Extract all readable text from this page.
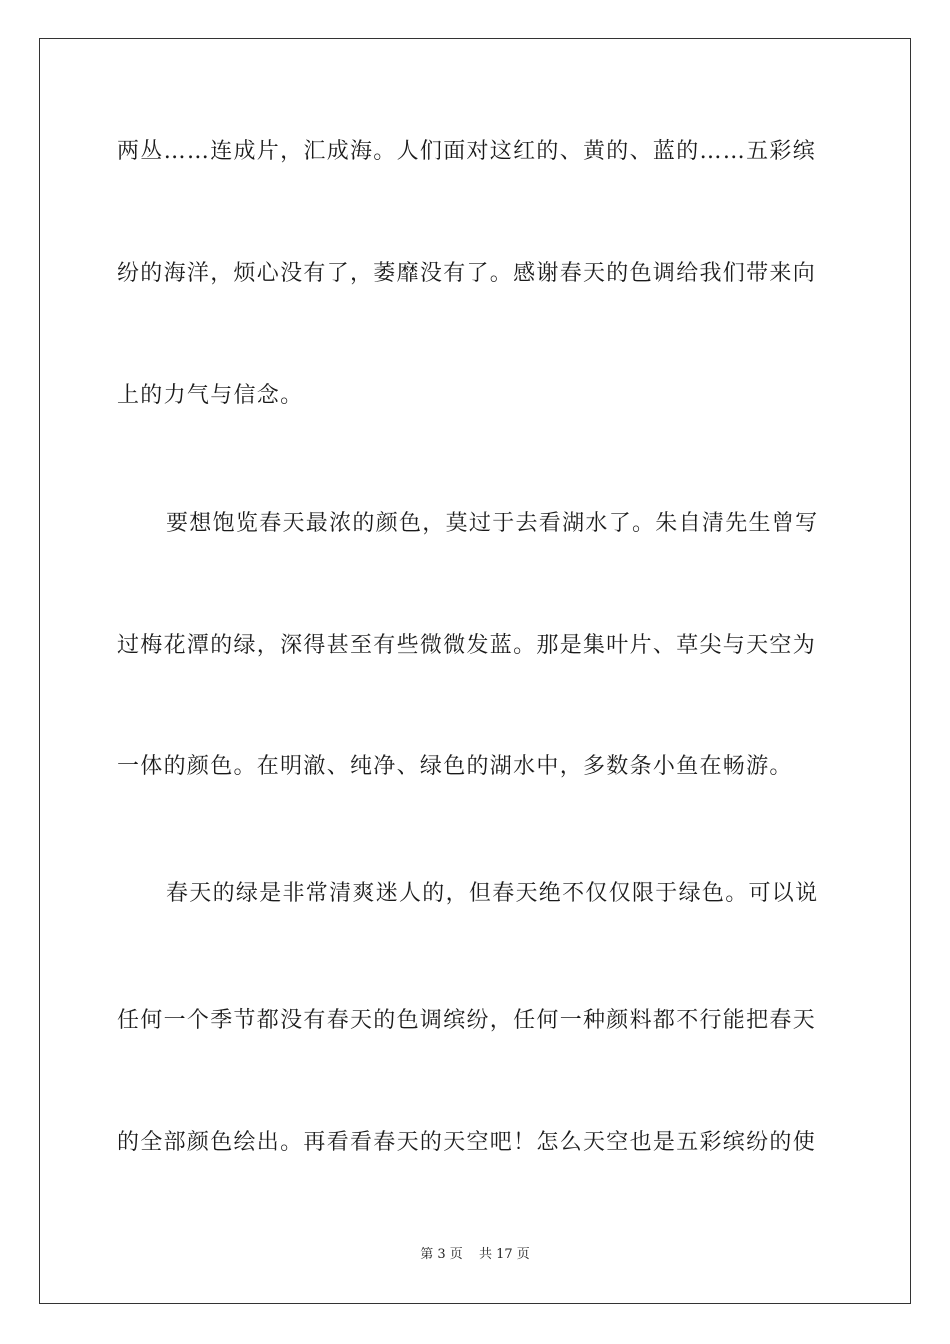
两丛……连成片，汇成海。人们面对这红的、黄的、蓝的……五彩缤
纷的海洋，烦心没有了，萎靡没有了。感谢春天的色调给我们带来向
上的力气与信念。
要想饱览春天最浓的颜色，莫过于去看湖水了。朱自清先生曾写
过梅花潭的绿，深得甚至有些微微发蓝。那是集叶片、草尖与天空为
一体的颜色。在明澈、纯净、绿色的湖水中，多数条小鱼在畅游。
春天的绿是非常清爽迷人的，但春天绝不仅仅限于绿色。可以说
任何一个季节都没有春天的色调缤纷，任何一种颜料都不行能把春天
的全部颜色绘出。再看看春天的天空吧！怎么天空也是五彩缤纷的使
第 3 页 共 17 页
